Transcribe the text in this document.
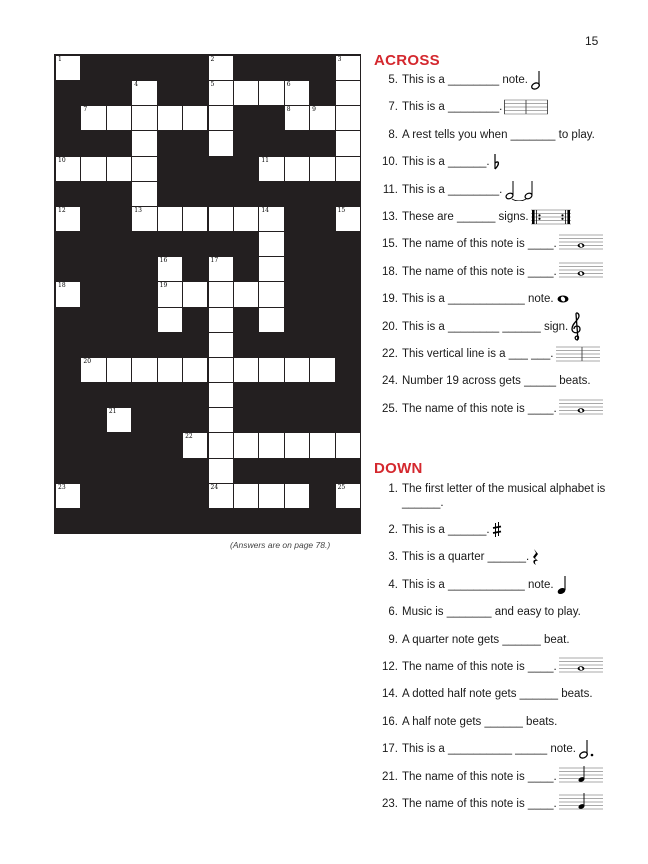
15
1	2	3
4	5	6
7	8	9
10	11
12	13	14	15
16	17
18	19
20
21
22
23	24	25
(Answers are on page 78.)
ACROSS
5. This is a ________ note.
7. This is a ________.
8. A rest tells you when _______ to play.
10. This is a ______.
11. This is a ________.
13. These are ______ signs.
15. The name of this note is ____.
18. The name of this note is ____.
19. This is a ____________ note.
20. This is a ________ ______ sign.
22. This vertical line is a ___ ___.
24. Number 19 across gets _____ beats.
25. The name of this note is ____.
DOWN
1. The first letter of the musical alphabet is ______.
2. This is a ______.
3. This is a quarter ______.
4. This is a ____________ note.
6. Music is _______ and easy to play.
9. A quarter note gets ______ beat.
12. The name of this note is ____.
14. A dotted half note gets ______ beats.
16. A half note gets ______ beats.
17. This is a __________ _____ note.
21. The name of this note is ____.
23. The name of this note is ____.
